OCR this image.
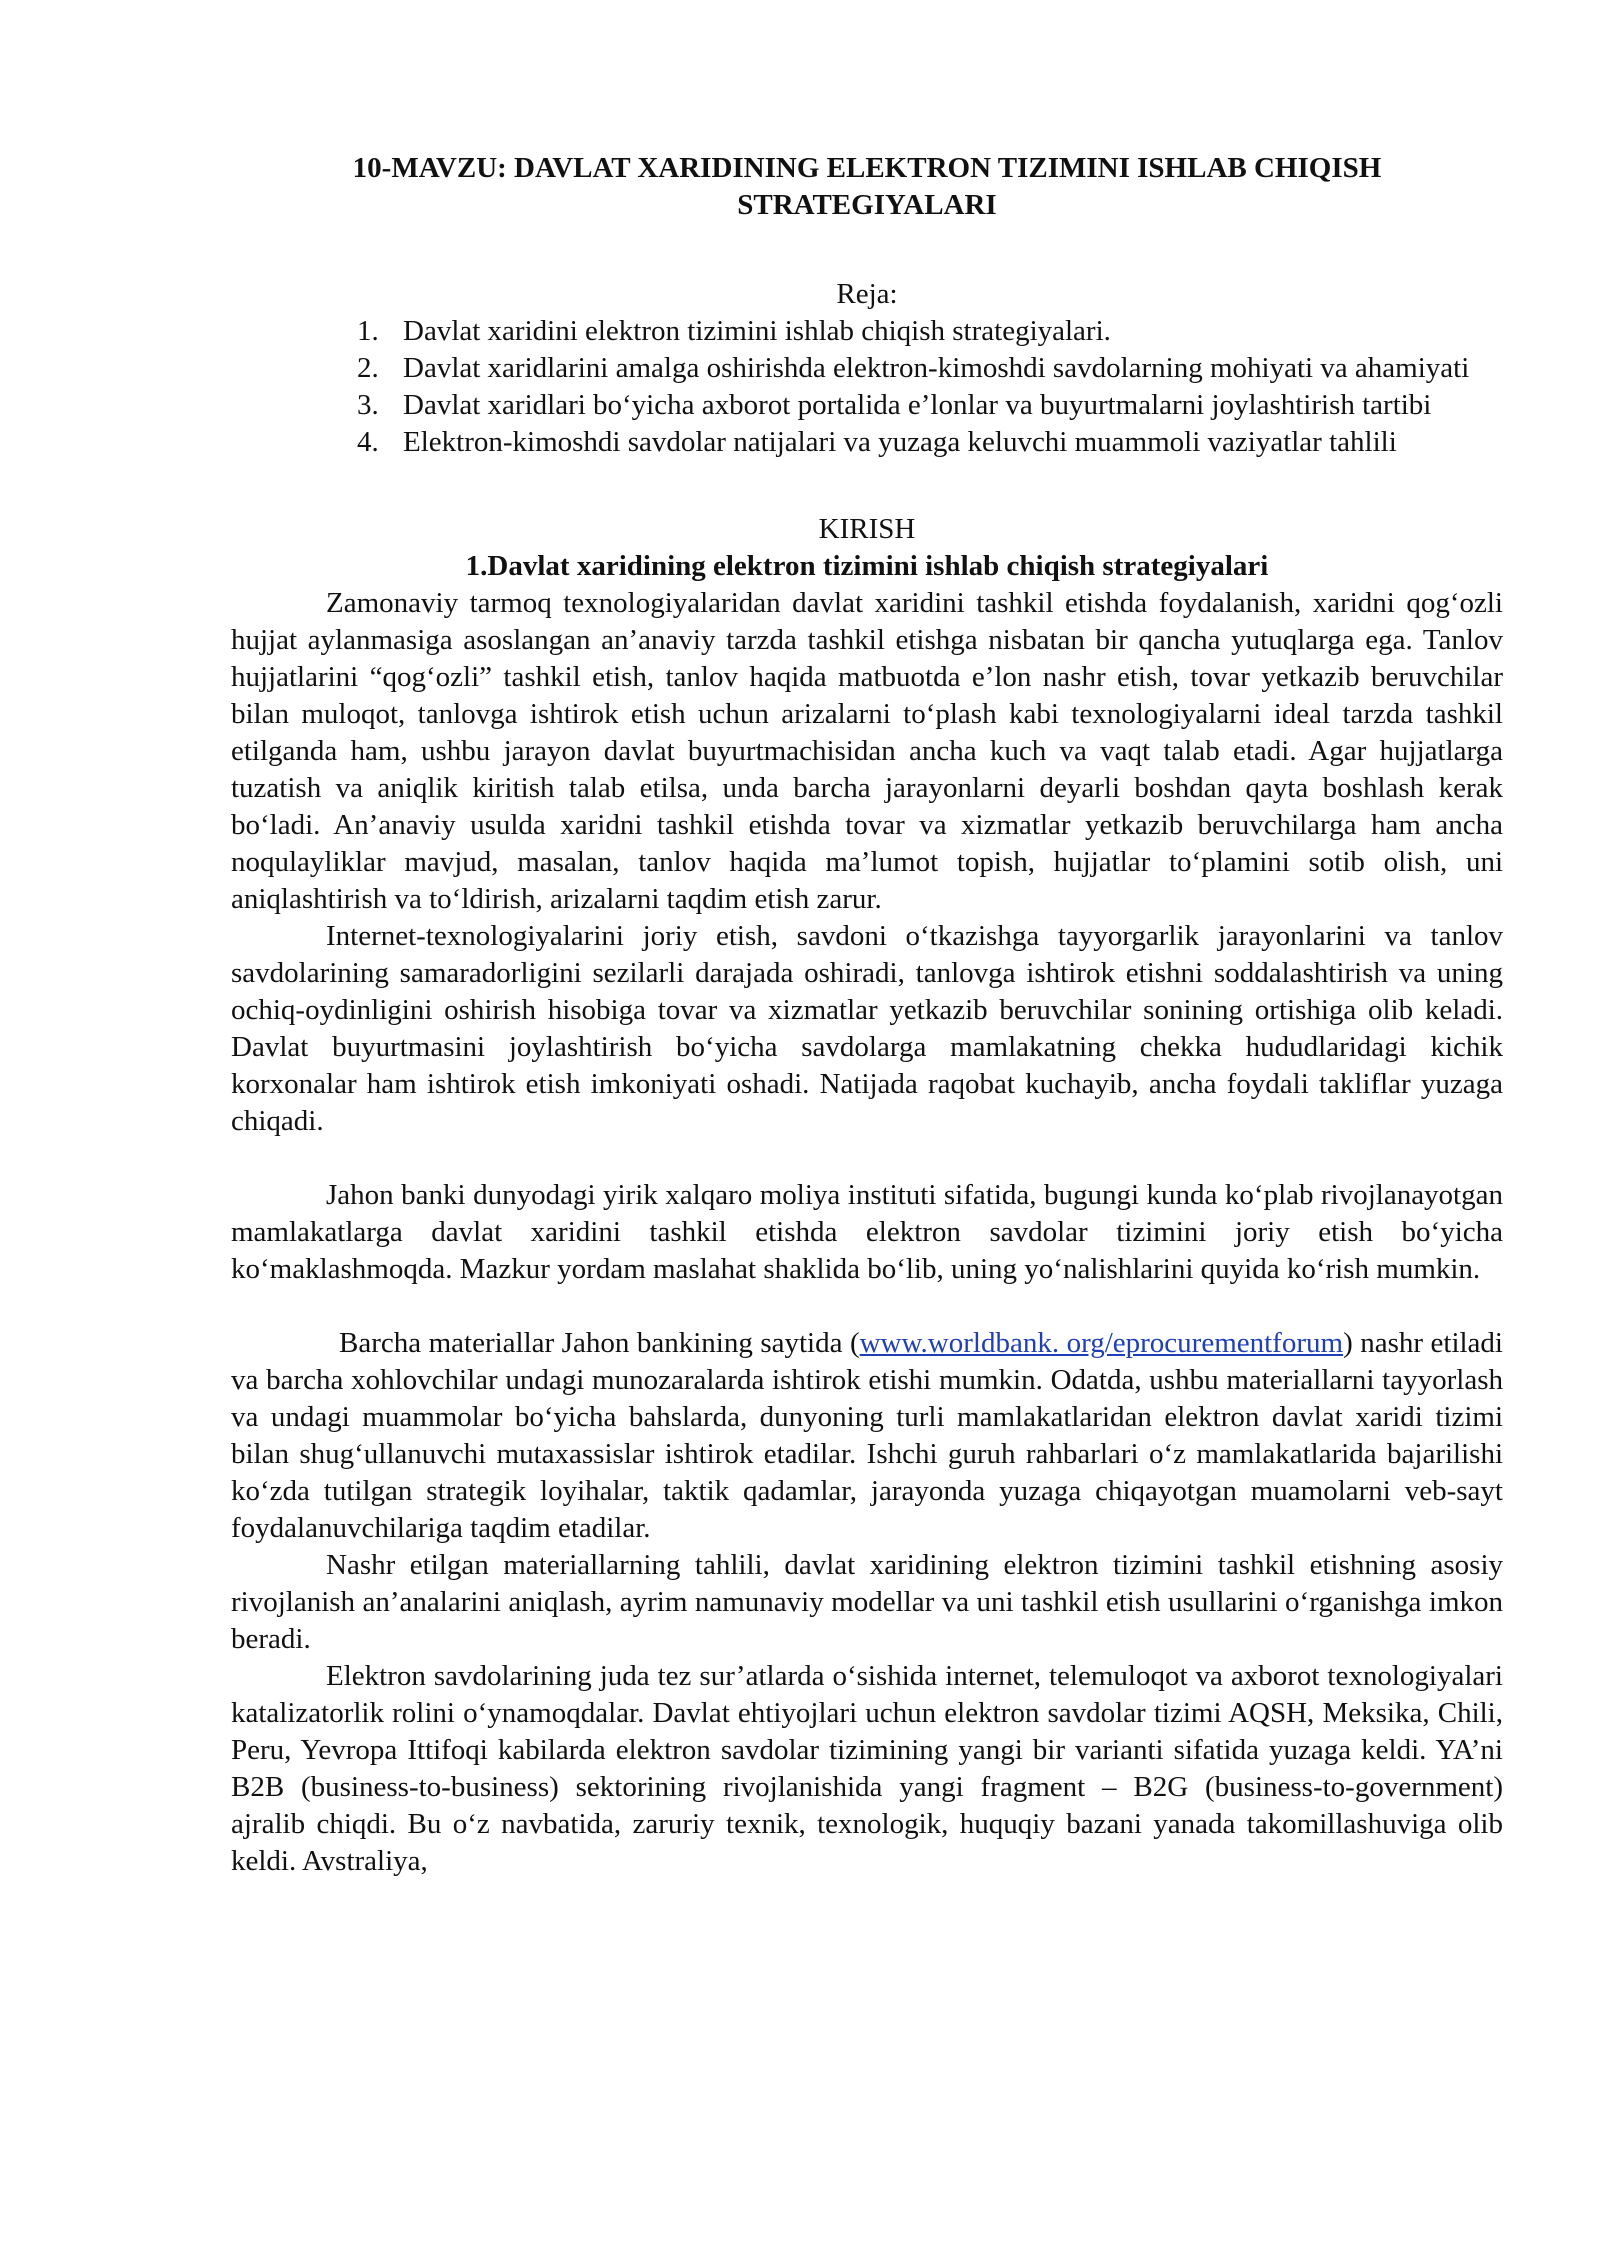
10-MAVZU: DAVLAT XARIDINING ELEKTRON TIZIMINI ISHLAB CHIQISH STRATEGIYALARI
Reja:
1. Davlat xaridini elektron tizimini ishlab chiqish strategiyalari.
2. Davlat xaridlarini amalga oshirishda elektron-kimoshdi savdolarning mohiyati va ahamiyati
3. Davlat xaridlari bo‘yicha axborot portalida e’lonlar va buyurtmalarni joylashtirish tartibi
4. Elektron-kimoshdi savdolar natijalari va yuzaga keluvchi muammoli vaziyatlar tahlili
KIRISH
1.Davlat xaridining elektron tizimini ishlab chiqish strategiyalari

Zamonaviy tarmoq texnologiyalaridan davlat xaridini tashkil etishda foydalanish, xaridni qog‘ozli hujjat aylanmasiga asoslangan an’anaviy tarzda tashkil etishga nisbatan bir qancha yutuqlarga ega. Tanlov hujjatlarini “qog‘ozli” tashkil etish, tanlov haqida matbuotda e’lon nashr etish, tovar yetkazib beruvchilar bilan muloqot, tanlovga ishtirok etish uchun arizalarni to‘plash kabi texnologiyalarni ideal tarzda tashkil etilganda ham, ushbu jarayon davlat buyurtmachisidan ancha kuch va vaqt talab etadi. Agar hujjatlarga tuzatish va aniqlik kiritish talab etilsa, unda barcha jarayonlarni deyarli boshdan qayta boshlash kerak bo‘ladi. An’anaviy usulda xaridni tashkil etishda tovar va xizmatlar yetkazib beruvchilarga ham ancha noqulayliklar mavjud, masalan, tanlov haqida ma’lumot topish, hujjatlar to‘plamini sotib olish, uni aniqlashtirish va to‘ldirish, arizalarni taqdim etish zarur.

Internet-texnologiyalarini joriy etish, savdoni o‘tkazishga tayyorgarlik jarayonlarini va tanlov savdolarining samaradorligini sezilarli darajada oshiradi, tanlovga ishtirok etishni soddalashtirish va uning ochiq-oydinligini oshirish hisobiga tovar va xizmatlar yetkazib beruvchilar sonining ortishiga olib keladi. Davlat buyurtmasini joylashtirish bo‘yicha savdolarga mamlakatning chekka hududlaridagi kichik korxonalar ham ishtirok etish imkoniyati oshadi. Natijada raqobat kuchayib, ancha foydali takliflar yuzaga chiqadi.

Jahon banki dunyodagi yirik xalqaro moliya instituti sifatida, bugungi kunda ko‘plab rivojlanayotgan mamlakatlarga davlat xaridini tashkil etishda elektron savdolar tizimini joriy etish bo‘yicha ko‘maklashmoqda. Mazkur yordam maslahat shaklida bo‘lib, uning yo‘nalishlarini quyida ko‘rish mumkin.

Barcha materiallar Jahon bankining saytida (www.worldbank. org/eprocurementforum) nashr etiladi va barcha xohlovchilar undagi munozaralarda ishtirok etishi mumkin. Odatda, ushbu materiallarni tayyorlash va undagi muammolar bo‘yicha bahslarda, dunyoning turli mamlakatlaridan elektron davlat xaridi tizimi bilan shug‘ullanuvchi mutaxassislar ishtirok etadilar. Ishchi guruh rahbarlari o‘z mamlakatlarida bajarilishi ko‘zda tutilgan strategik loyihalar, taktik qadamlar, jarayonda yuzaga chiqayotgan muamolarni veb-sayt foydalanuvchilariga taqdim etadilar.

Nashr etilgan materiallarning tahlili, davlat xaridining elektron tizimini tashkil etishning asosiy rivojlanish an’analarini aniqlash, ayrim namunaviy modellar va uni tashkil etish usullarini o‘rganishga imkon beradi.

Elektron savdolarining juda tez sur’atlarda o‘sishida internet, telemuloqot va axborot texnologiyalari katalizatorlik rolini o‘ynamoqdalar. Davlat ehtiyojlari uchun elektron savdolar tizimi AQSH, Meksika, Chili, Peru, Yevropa Ittifoqi kabilarda elektron savdolar tizimining yangi bir varianti sifatida yuzaga keldi. YA’ni B2B (business-to-business) sektorining rivojlanishida yangi fragment – B2G (business-to-government) ajralib chiqdi. Bu o‘z navbatida, zaruriy texnik, texnologik, huquqiy bazani yanada takomillashuviga olib keldi. Avstraliya,
